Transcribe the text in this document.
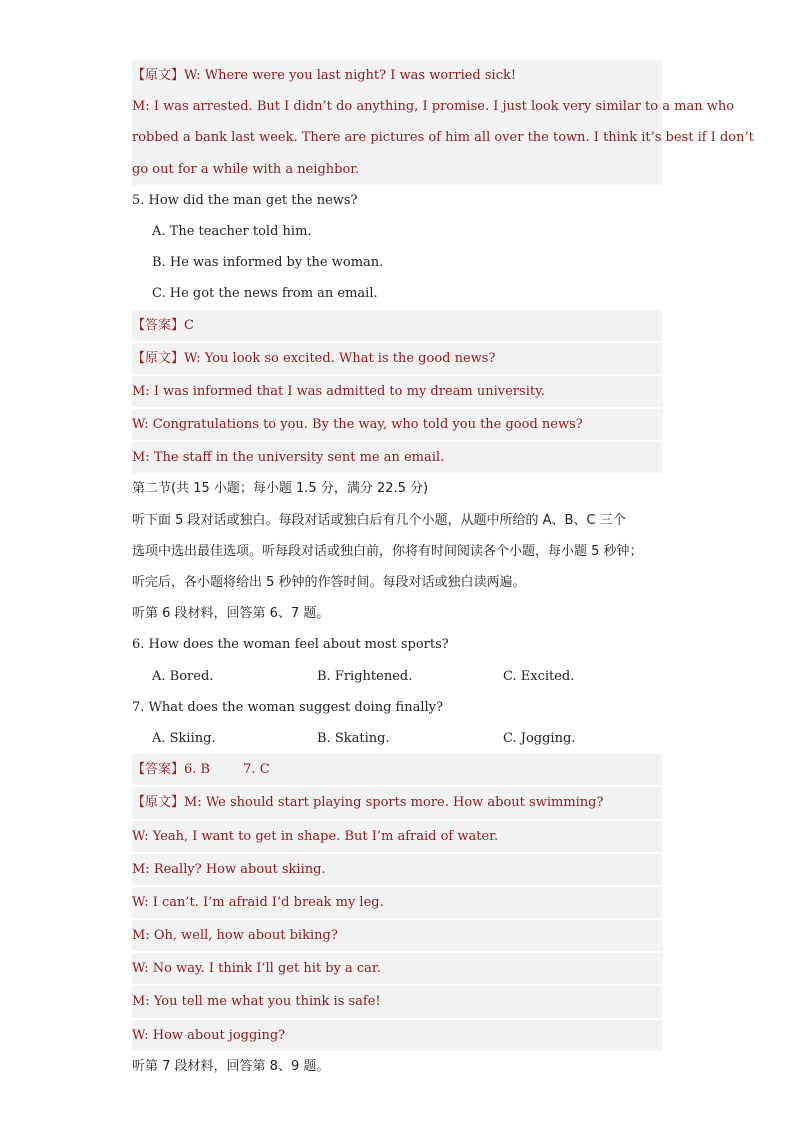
【原文】W: Where were you last night? I was worried sick!
M: I was arrested. But I didn’t do anything, I promise. I just look very similar to a man who
robbed a bank last week. There are pictures of him all over the town. I think it’s best if I don’t
go out for a while with a neighbor.
5. How did the man get the news?
A. The teacher told him.
B. He was informed by the woman.
C. He got the news from an email.
【答案】C
【原文】W: You look so excited. What is the good news?
M: I was informed that I was admitted to my dream university.
W: Congratulations to you. By the way, who told you the good news?
M: The staff in the university sent me an email.
第二节(共 15 小题；每小题 1.5 分，满分 22.5 分)
听下面 5 段对话或独白。每段对话或独白后有几个小题，从题中所给的 A、B、C 三个
选项中选出最佳选项。听每段对话或独白前，你将有时间阅读各个小题，每小题 5 秒钟；
听完后，各小题将给出 5 秒钟的作答时间。每段对话或独白读两遍。
听第 6 段材料，回答第 6、7 题。
6. How does the woman feel about most sports?
A. Bored.	B. Frightened.	C. Excited.
7. What does the woman suggest doing finally?
A. Skiing.	B. Skating.	C. Jogging.
【答案】6. B        7. C
【原文】M: We should start playing sports more. How about swimming?
W: Yeah, I want to get in shape. But I’m afraid of water.
M: Really? How about skiing.
W: I can’t. I’m afraid I’d break my leg.
M: Oh, well, how about biking?
W: No way. I think I’ll get hit by a car.
M: You tell me what you think is safe!
W: How about jogging?
听第 7 段材料，回答第 8、9 题。
